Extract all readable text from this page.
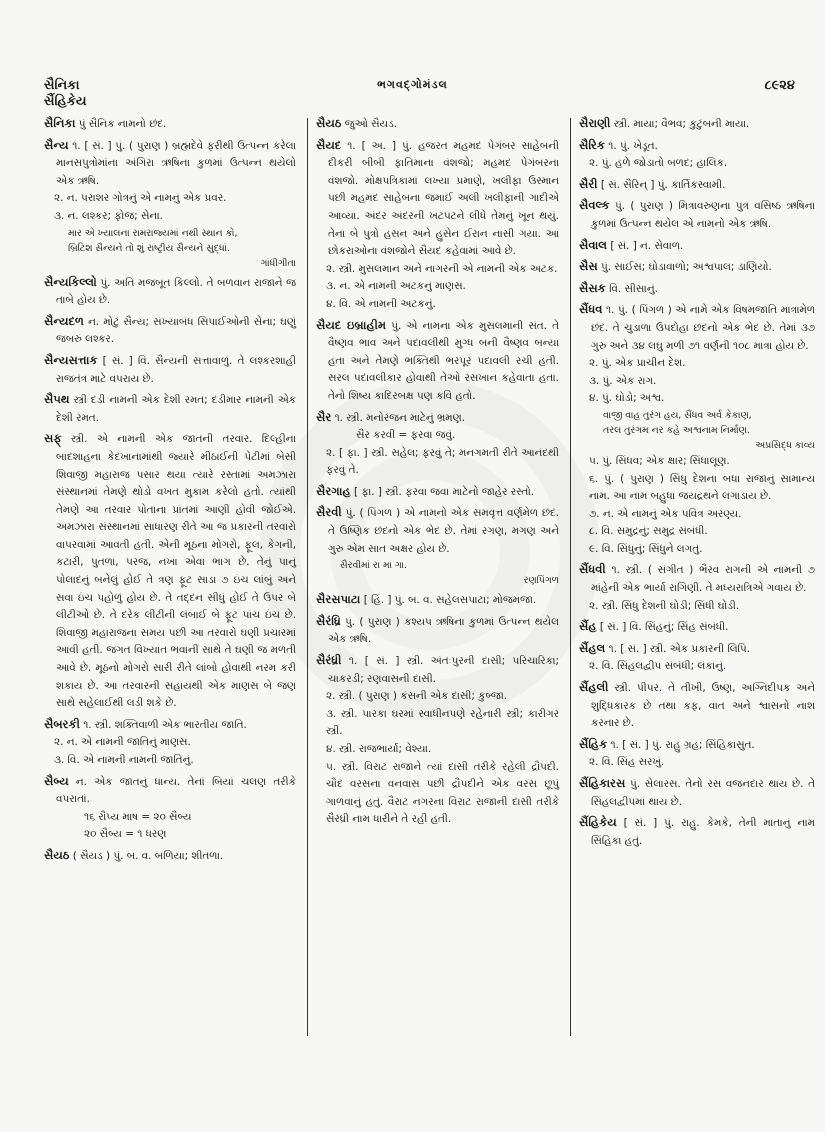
સૈનિકા
સૈંહિકેય
ભગવદ્ગોમંડલ	૮૯૨૪
સૈનિકા પું સૈનિક નામનો છંદ.
સૈન્ય ૧. [ સં. ] પું. ( પુરાણ ) બ્રહ્મદેવે ફરીથી ઉત્પન્ન કરેલા માનસપુત્રોમાંના અંગિરા ઋષિના કુળમાં ઉત્પન્ન થયેલો એક ઋષિ.
૨. ન. પરાશર ગોત્રનું એ નામનું એક પ્રવર.
૩. ન. લશ્કર; ફોજ; સેના.
માર એ ખ્યાલના રામરાજ્યમાં નથી સ્થાન કો,
બ્રિટિશ સૈન્યને તો શું રાષ્ટ્રીય સૈન્યને સુદ્ધાં.
ગાંધીગીતા
સૈન્યકિલ્લો પું. અતિ મજબૂત કિલ્લો. તે બળવાન રાજાને જ તાબે હોય છે.
સૈન્યદળ ન. મોટું સૈન્ય; સંખ્યાબંધ સિપાઈઓની સેના; ઘણું જબરું લશ્કર.
સૈન્યસત્તાક [ સં. ] વિ. સૈન્યની સત્તાવાળું. તે લશ્કરશાહી રાજતંત્ર માટે વપરાય છે.
સૈપથ સ્ત્રી દડી નામની એક દેશી રમત; દડીમાર નામની એક દેશી રમત.
સફ્ સ્ત્રી. એ નામની એક જાતની તરવાર. દિલ્હીના બાદશાહના કેદખાનામાંથી જ્યારે મીઠાઈની પેટીમાં બેસી શિવાજી મહારાજ પસાર થયા ત્યારે રસ્તામાં અમઝારા સંસ્થાનમાં તેમણે થોડો વખત મુકામ કરેલો હતો. ત્યાંથી તેમણે આ તરવાર પોતાના પ્રાંતમાં આણી હોવી જોઈએ. અમઝારા સંસ્થાનમાં સાધારણ રીતે આ જ પ્રકારની તરવારો વાપરવામાં આવતી હતી. એની મૂઠના મોગરો, ફૂલ, કેગની, કટારી, પુતળા, પરજ, નખા એવા ભાગ છે. તેનું પાનું પોલાદનું બનેલું હોઈ તે ત્રણ ફૂટ સાડા ૭ ઇંચ લાંબું અને સવા ઇંચ પહોળું હોય છે. તે તદ્દન સીધું હોઈ તે ઉપર બે લીટીઓ છે. તે દરેક લીટીની લંબાઈ બે ફૂટ પાંચ ઇંચ છે. શિવાજી મહારાજના સમય પછી આ તરવારો ઘણી પ્રચારમાં આવી હતી. જગત વિખ્યાત ભવાની સાથે તે ઘણી જ મળતી આવે છે. મૂઠનો મોગરો સારી રીતે લાંબો હોવાથી નરમ કરી શકાય છે. આ તરવારની સહાયથી એક માણસ બે જણ સાથે સહેલાઈથી લડી શકે છે.
સૈબરકી ૧. સ્ત્રી. શક્તિવાળી એક ભારતીય જાતિ.
૨. ન. એ નામની જાતિનું માણસ.
૩. વિ. એ નામની નામની જાતિનું.
સૈબ્ય ન. એક જાતનું ધાન્ય. તેનાં બિયાં ચલણ તરીકે વપરાતાં.
૧૬ રૌપ્ય માષ = ૨૦ સૈબ્ય
૨૦ સૈબ્ય = ૧ ધરણ
સૈયઠ ( સૈયડ ) પું. બ. વ. બળિયા; શીતળા.
સૈયઠ જુઓ સૈયડ.
સૈયદ ૧. [ અ. ] પું. હજરત મહમદ પેગંબર સાહેબની દીકરી બીબી ફાતિમાના વંશજો; મહમદ પેગંબરના વંશજો. મોક્ષપત્રિકામાં લખ્યા પ્રમાણે, ખલીફા ઉસ્માન પછી મહમદ સાહેબના જમાઈ અલી ખલીફાની ગાદીએ આવ્યા. અંદર અંદરની ખટપટને લીધે તેમનું ખૂન થયું. તેના બે પુત્રો હસન અને હુસેન ઈરાન નાસી ગયા. આ છોકરાઓના વંશજોને સૈયદ કહેવામાં આવે છે.
૨. સ્ત્રી. મુસલમાન અને નાગરની એ નામની એક અટક.
૩. ન. એ નામની અટકનું માણસ.
૪. વિ. એ નામની અટકનું.
સૈયદ ઇબ્રાહીમ પું. એ નામના એક મુસલમાની સંત. તે વૈષ્ણવ ભાવ અને પદાવલીથી મુગ્ધ બની વૈષ્ણવ બન્યા હતા અને તેમણે ભક્તિથી ભરપૂર પદાવલી રચી હતી. સરલ પદાવલીકાર હોવાથી તેઓ રસખાન કહેવાતા હતા. તેનો શિષ્ય કાદિરબક્ષ પણ કવિ હતો.
સૈર ૧. સ્ત્રી. મનોરંજન માટેનું ભ્રમણ.
સૈર કરવી = ફરવા જવું.
૨. [ ફા. ] સ્ત્રી. સહેલ; ફરવું તે; મનગમતી રીતે આનંદથી ફરવું તે.
સૈરગાહ [ ફા. ] સ્ત્રી. ફરવા જવા માટેનો જાહેર રસ્તો.
સૈરવી પું. ( પિંગળ ) એ નામનો એક સમવૃત્ત વર્ણમેળ છંદ. તે ઉષ્ણિક છંદનો એક ભેદ છે. તેમાં રગણ, મગણ અને ગુરુ એમ સાત અક્ષર હોય છે.
સૈરવીમાં રા મા ગા.
રણપિંગળ
સૈરસપાટા [ હિં. ] પું. બ. વ. સહેલસપાટા; મોજમજા.
સૈરંધ્રિ પું. ( પુરાણ ) કશ્યપ ઋષિના કુળમાં ઉત્પન્ન થયેલ એક ઋષિ.
સૈરંધ્રી ૧. [ સં. ] સ્ત્રી. અંતઃપુરની દાસી; પરિચારિકા; ચાકરડી; રણવાસની દાસી.
૨. સ્ત્રી. ( પુરાણ ) કંસની એક દાસી; કુબ્જા.
૩. સ્ત્રી. પારકા ઘરમાં સ્વાધીનપણે રહેનારી સ્ત્રી; કારીગર સ્ત્રી.
૪. સ્ત્રી. રાજભાર્યા; વેશ્યા.
૫. સ્ત્રી. વિરાટ રાજાને ત્યાં દાસી તરીકે રહેલી દ્રૌપદી. ચૌદ વરસના વનવાસ પછી દ્રૌપદીને એક વરસ છૂપું ગાળવાનું હતું. વૈરાટ નગરના વિરાટ રાજાની દાસી તરીકે સૈરંધ્રી નામ ધારીને તે રહી હતી.
સૈરાણી સ્ત્રી. માયા; વૈભવ; કુટુંબની માયા.
સૈરિક ૧. પું. ખેડૂત.
૨. પું. હળે જોડાતો બળદ; હાલિક.
સૈરી [ સં. સૈરિન્ ] પું. કાર્તિકસ્વામી.
સૈવલ્ક પું. ( પુરાણ ) મિત્રાવરુણના પુત્ર વસિષ્ઠ ઋષિના કુળમાં ઉત્પન્ન થયેલ એ નામનો એક ઋષિ.
સૈવાલ [ સં. ] ન. સેવાળ.
સૈસ પું. સાઈસ; ઘોડાવાળો; અશ્વપાલ; ડાણિયો.
સૈસક વિ. સીસાનું.
સૈંધવ ૧. પું. ( પિંગળ ) એ નામે એક વિષમજાતિ માત્રામેળ છંદ. તે ચુડાળા ઉપદોહા છંદનો એક ભેદ છે. તેમાં ૩૭ ગુરુ અને ૩૪ લઘુ મળી ૭૧ વર્ણની ૧૦૮ માત્રા હોય છે.
૨. પું. એક પ્રાચીન દેશ.
૩. પું. એક રાગ.
૪. પું. ઘોડો; અશ્વ.
વાજી વાહ તુરંગ હય, સૈંધવ અર્વ કેકાણ,
તરલ તુરંગમ નર કહે અશ્વનામ નિર્માણ.
અપ્રસિદ્ધ કાવ્ય
૫. પું. સિંધવ; એક ક્ષાર; સિંધાલૂણ.
૬. પું. ( પુરાણ ) સિંધુ દેશના બધા રાજાનું સામાન્ય નામ. આ નામ બહુધા જયદ્રથને લગાડાય છે.
૭. ન. એ નામનું એક પવિત્ર અરણ્ય.
૮. વિ. સમુદ્રનું; સમુદ્ર સંબંધી.
૯. વિ. સિંધુનું; સિંધુને લગતું.
સૈંધવી ૧. સ્ત્રી. ( સંગીત ) ભૈરવ રાગની એ નામની ૭ માંહેની એક ભાર્યા રાગિણી. તે મધ્યરાત્રિએ ગવાય છે.
૨. સ્ત્રી. સિંધુ દેશની ઘોડી; સિંધી ઘોડી.
સૈંહ [ સં. ] વિ. સિંહનું; સિંહ સંબંધી.
સૈંહલ ૧. [ સં. ] સ્ત્રી. એક પ્રકારની લિપિ.
૨. વિ. સિંહલદ્વીપ સંબંધી; લંકાનું.
સૈંહલી સ્ત્રી. પીપર. તે તીખી, ઉષ્ણ, અગ્નિદીપક અને શુદ્ધિકારક છે તથા કફ, વાત અને શ્વાસનો નાશ કરનાર છે.
સૈંહિક ૧. [ સં. ] પું. રાહુ ગ્રહ; સિંહિકાસુત.
૨. વિ. સિંહ સરખું.
સૈંહિકારસ પું. સેલારસ. તેનો રસ વજનદાર થાય છે. તે સિંહલદ્વીપમાં થાય છે.
સૈંહિકેય [ સં. ] પું. રાહુ. કેમકે, તેની માતાનું નામ સિંહિકા હતું.
